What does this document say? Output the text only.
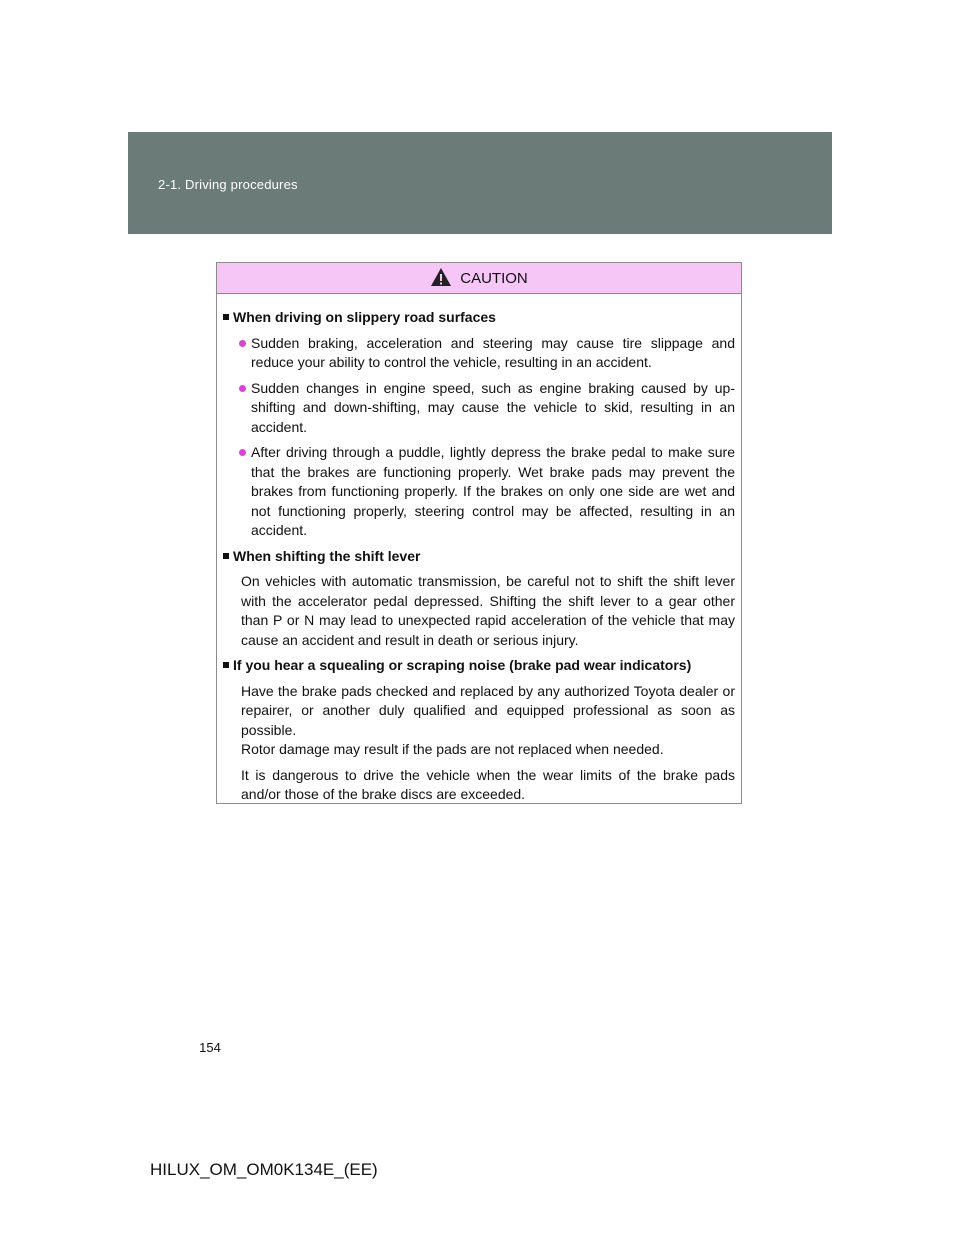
2-1. Driving procedures
CAUTION
When driving on slippery road surfaces
Sudden braking, acceleration and steering may cause tire slippage and reduce your ability to control the vehicle, resulting in an accident.
Sudden changes in engine speed, such as engine braking caused by up-shifting and down-shifting, may cause the vehicle to skid, resulting in an accident.
After driving through a puddle, lightly depress the brake pedal to make sure that the brakes are functioning properly. Wet brake pads may prevent the brakes from functioning properly. If the brakes on only one side are wet and not functioning properly, steering control may be affected, resulting in an accident.
When shifting the shift lever
On vehicles with automatic transmission, be careful not to shift the shift lever with the accelerator pedal depressed. Shifting the shift lever to a gear other than P or N may lead to unexpected rapid acceleration of the vehicle that may cause an accident and result in death or serious injury.
If you hear a squealing or scraping noise (brake pad wear indicators)
Have the brake pads checked and replaced by any authorized Toyota dealer or repairer, or another duly qualified and equipped professional as soon as possible.
Rotor damage may result if the pads are not replaced when needed.
It is dangerous to drive the vehicle when the wear limits of the brake pads and/or those of the brake discs are exceeded.
154
HILUX_OM_OM0K134E_(EE)
